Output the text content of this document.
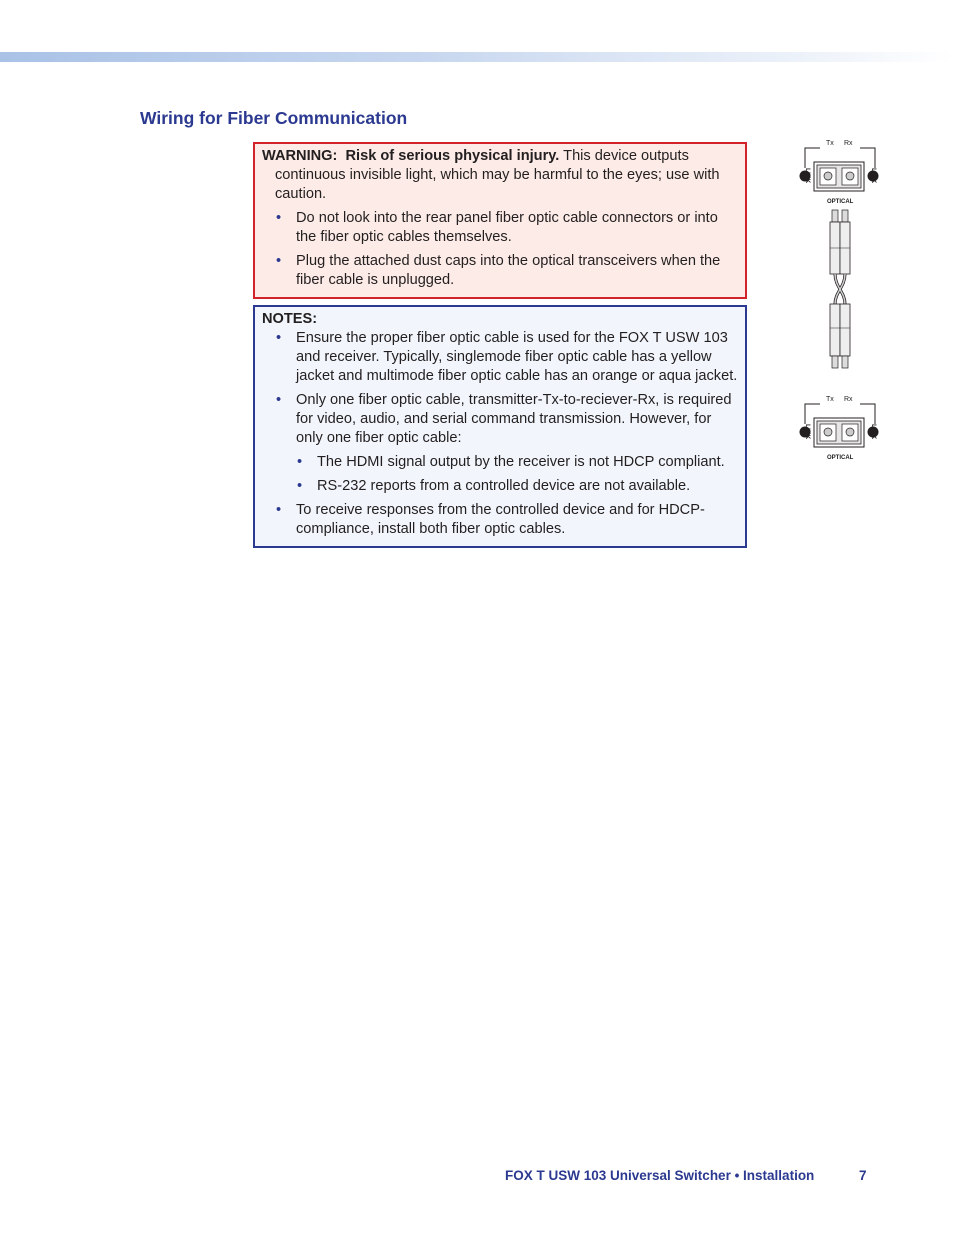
Wiring for Fiber Communication

WARNING: Risk of serious physical injury. This device outputs continuous invisible light, which may be harmful to the eyes; use with caution.

• Do not look into the rear panel fiber optic cable connectors or into the fiber optic cables themselves.
• Plug the attached dust caps into the optical transceivers when the fiber cable is unplugged.

NOTES:

• Ensure the proper fiber optic cable is used for the FOX T USW 103 and receiver. Typically, singlemode fiber optic cable has a yellow jacket and multimode fiber optic cable has an orange or aqua jacket.
• Only one fiber optic cable, transmitter-Tx-to-reciever-Rx, is required for video, audio, and serial command transmission. However, for only one fiber optic cable:
• The HDMI signal output by the receiver is not HDCP compliant.
• RS-232 reports from a controlled device are not available.
• To receive responses from the controlled device and for HDCP-compliance, install both fiber optic cables.
Tx Rx
OPTICAL
Tx Rx
OPTICAL
FOX T USW 103 Universal Switcher • Installation	7
